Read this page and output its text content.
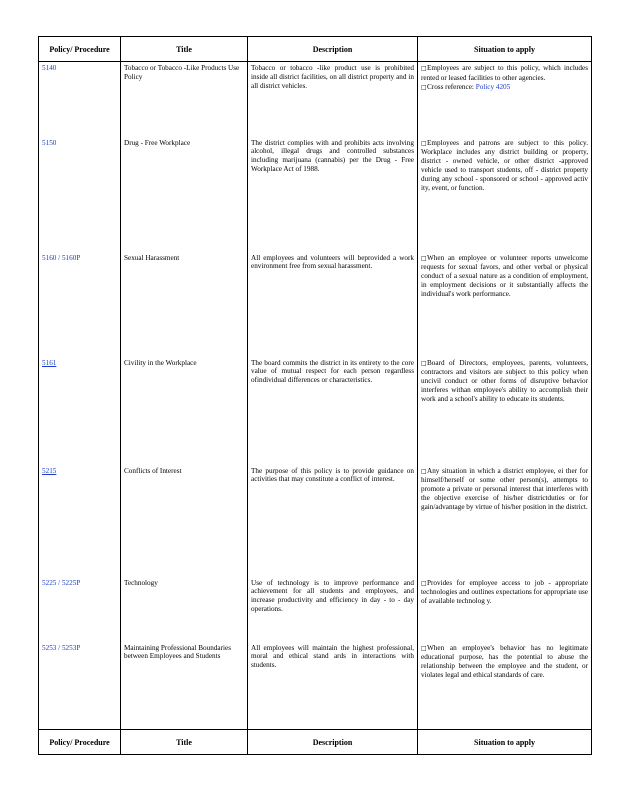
Policy/ Procedure	Title	Description	Situation to apply
5140	Tobacco or Tobacco -Like Products Use Policy	Tobacco or tobacco -like product use is prohibited inside all district facilities, on all district property and in all district vehicles.	□Employees are subject to this policy, which includes rented or leased facilities to other agencies.
□Cross reference: Policy 4205

5150	Drug - Free Workplace	The district complies with and prohibits acts involving alcohol, illegal drugs and controlled substances including marijuana (cannabis) per the Drug - Free Workplace Act of 1988.	□Employees and patrons are subject to this policy. Workplace includes any district building or property, district - owned vehicle, or other district -approved vehicle used to transport students, off - district property during any school - sponsored or school - approved activ ity, event, or function.
5160 / 5160P	Sexual Harassment	All employees and volunteers will beprovided a work environment free from sexual harassment.	□When an employee or volunteer reports unwelcome requests for sexual favors, and other verbal or physical conduct of a sexual nature as a condition of employment, in employment decisions or it substantially affects the individual's work performance.
5161	Civility in the Workplace	The board commits the district in its entirety to the core value of mutual respect for each person regardless ofindividual differences or characteristics.	□Board of Directors, employees, parents, volunteers, contractors and visitors are subject to this policy when uncivil conduct or other forms of disruptive behavior interferes withan employee's ability to accomplish their work and a school's ability to educate its students.
5215	Conflicts of Interest	The purpose of this policy is to provide guidance on activities that may constitute a conflict of interest.	□Any situation in which a district employee, ei ther for himself/herself or some other person(s), attempts to promote a private or personal interest that interferes with the objective exercise of his/her districtduties or for gain/advantage by virtue of his/her position in the district.
5225 / 5225P	Technology	Use of technology is to improve performance and achievement for all students and employees, and increase productivity and efficiency in day - to - day operations.	□Provides for employee access to job - appropriate technologies and outlines expectations for appropriate use of available technolog y.
5253 / 5253P	Maintaining Professional Boundaries between Employees and Students	All employees will maintain the highest professional, moral and ethical stand ards in interactions with students.	□When an employee's behavior has no legitimate educational purpose, has the potential to abuse the relationship between the employee and the student, or violates legal and ethical standards of care.
Policy/ Procedure	Title	Description	Situation to apply
